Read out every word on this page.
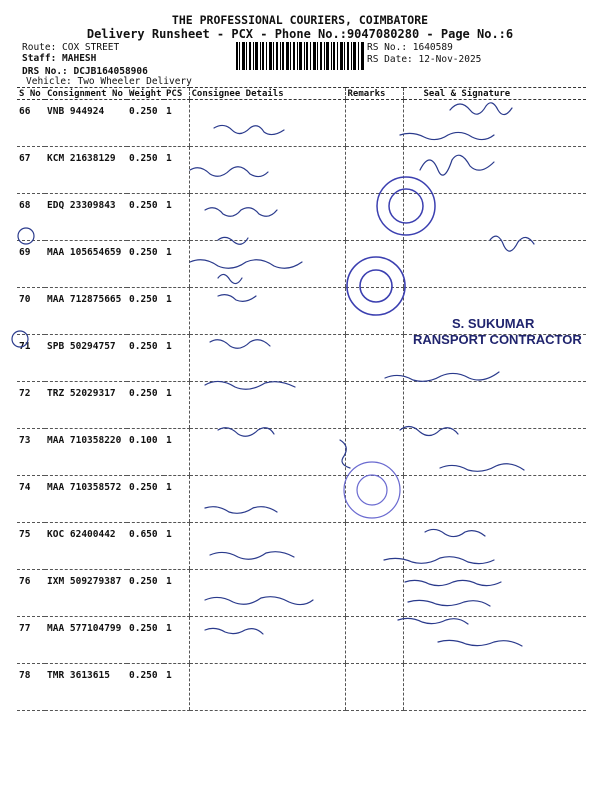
THE PROFESSIONAL COURIERS, COIMBATORE
Delivery Runsheet - PCX - Phone No.:9047080280 - Page No.:6
Route: COX STREET
Staff: MAHESH
DRS No.: DCJB164058906
Vehicle: Two Wheeler Delivery
RS No.: 1640589
RS Date: 12-Nov-2025
S No	Consignment No	Weight	PCS	Consignee Details	Remarks	Seal & Signature
66	VNB 944924	0.250	1			
67	KCM 21638129	0.250	1			
68	EDQ 23309843	0.250	1			
69	MAA 105654659	0.250	1			
70	MAA 712875665	0.250	1			
71	SPB 50294757	0.250	1			
72	TRZ 52029317	0.250	1			
73	MAA 710358220	0.100	1			
74	MAA 710358572	0.250	1			
75	KOC 62400442	0.650	1			
76	IXM 509279387	0.250	1			
77	MAA 577104799	0.250	1			
78	TMR 3613615	0.250	1			
S. SUKUMAR
RANSPORT CONTRACTOR
